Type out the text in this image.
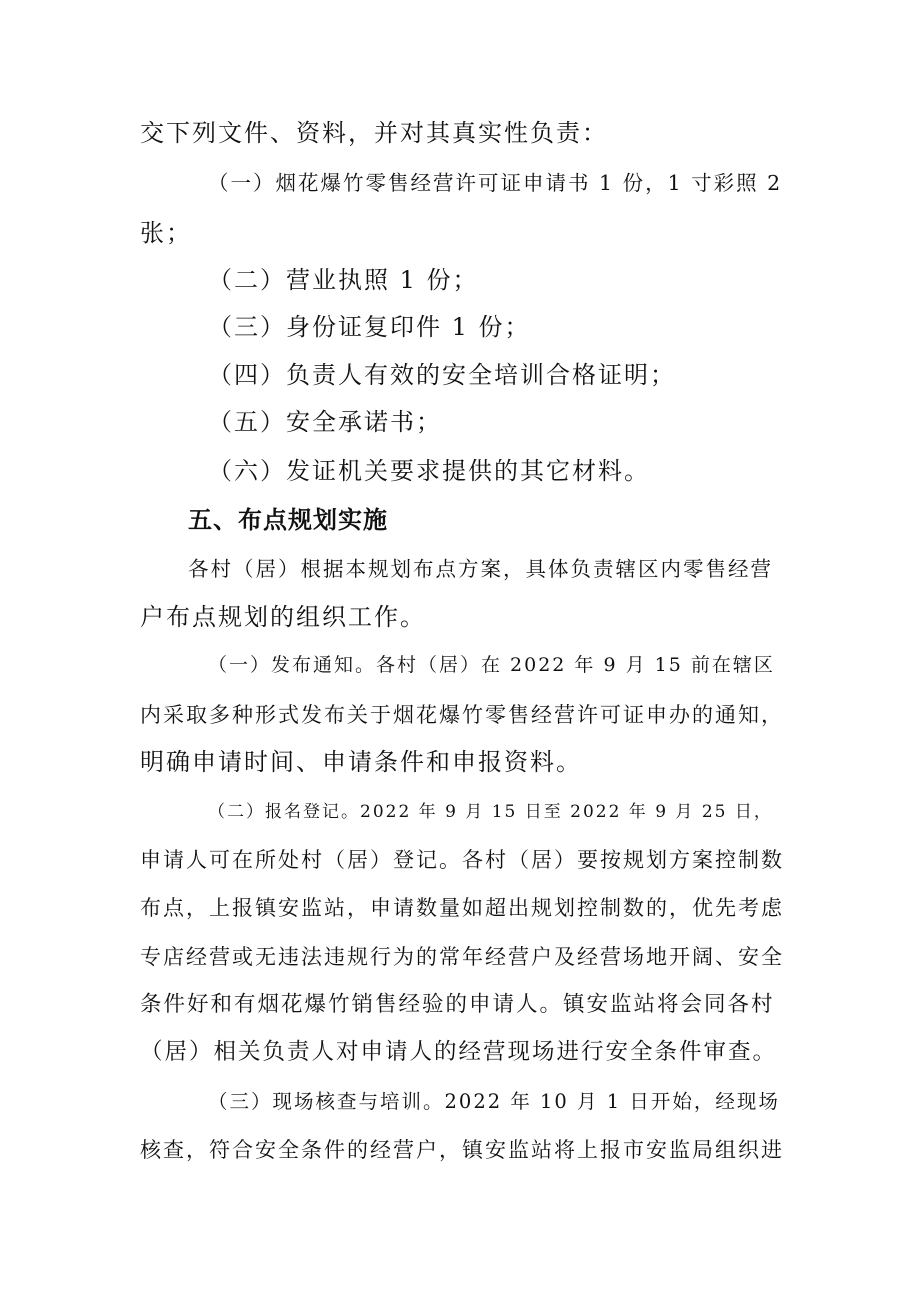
交下列文件、资料，并对其真实性负责：
（一）烟花爆竹零售经营许可证申请书 1 份，1 寸彩照 2
张；
（二）营业执照 1 份；
（三）身份证复印件 1 份；
（四）负责人有效的安全培训合格证明；
（五）安全承诺书；
（六）发证机关要求提供的其它材料。
五、布点规划实施
各村（居）根据本规划布点方案，具体负责辖区内零售经营
户布点规划的组织工作。
（一）发布通知。各村（居）在 2022 年 9 月 15 前在辖区
内采取多种形式发布关于烟花爆竹零售经营许可证申办的通知，
明确申请时间、申请条件和申报资料。
（二）报名登记。2022 年 9 月 15 日至 2022 年 9 月 25 日，
申请人可在所处村（居）登记。各村（居）要按规划方案控制数
布点，上报镇安监站，申请数量如超出规划控制数的，优先考虑
专店经营或无违法违规行为的常年经营户及经营场地开阔、安全
条件好和有烟花爆竹销售经验的申请人。镇安监站将会同各村
（居）相关负责人对申请人的经营现场进行安全条件审查。
（三）现场核查与培训。2022 年 10 月 1 日开始，经现场
核查，符合安全条件的经营户，镇安监站将上报市安监局组织进
